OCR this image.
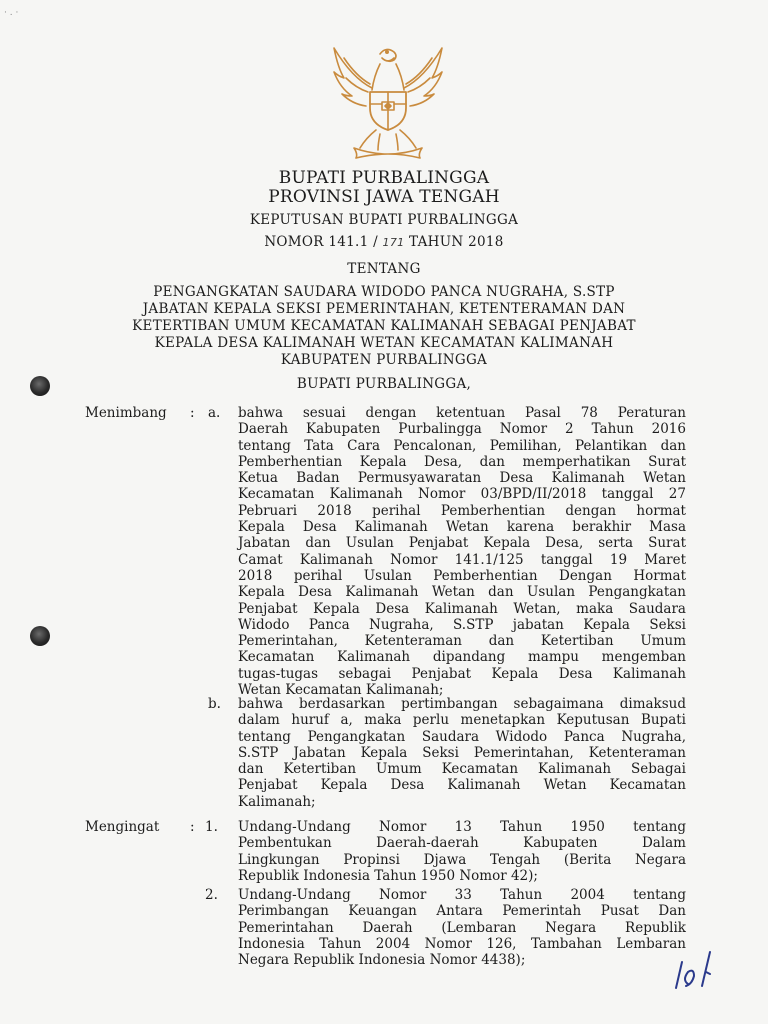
· . ·
BUPATI PURBALINGGA
PROVINSI JAWA TENGAH
KEPUTUSAN BUPATI PURBALINGGA
NOMOR 141.1 / 171 TAHUN 2018
TENTANG
PENGANGKATAN SAUDARA WIDODO PANCA NUGRAHA, S.STP
JABATAN KEPALA SEKSI PEMERINTAHAN, KETENTERAMAN DAN
KETERTIBAN UMUM KECAMATAN KALIMANAH SEBAGAI PENJABAT
KEPALA DESA KALIMANAH WETAN KECAMATAN KALIMANAH
KABUPATEN PURBALINGGA
BUPATI PURBALINGGA,
Menimbang : a. bahwa sesuai dengan ketentuan Pasal 78 Peraturan
Daerah Kabupaten Purbalingga Nomor 2 Tahun 2016
tentang Tata Cara Pencalonan, Pemilihan, Pelantikan dan
Pemberhentian Kepala Desa, dan memperhatikan Surat
Ketua Badan Permusyawaratan Desa Kalimanah Wetan
Kecamatan Kalimanah Nomor 03/BPD/II/2018 tanggal 27
Pebruari 2018 perihal Pemberhentian dengan hormat
Kepala Desa Kalimanah Wetan karena berakhir Masa
Jabatan dan Usulan Penjabat Kepala Desa, serta Surat
Camat Kalimanah Nomor 141.1/125 tanggal 19 Maret
2018 perihal Usulan Pemberhentian Dengan Hormat
Kepala Desa Kalimanah Wetan dan Usulan Pengangkatan
Penjabat Kepala Desa Kalimanah Wetan, maka Saudara
Widodo Panca Nugraha, S.STP jabatan Kepala Seksi
Pemerintahan, Ketenteraman dan Ketertiban Umum
Kecamatan Kalimanah dipandang mampu mengemban
tugas-tugas sebagai Penjabat Kepala Desa Kalimanah
Wetan Kecamatan Kalimanah;
b. bahwa berdasarkan pertimbangan sebagaimana dimaksud
dalam huruf a, maka perlu menetapkan Keputusan Bupati
tentang Pengangkatan Saudara Widodo Panca Nugraha,
S.STP Jabatan Kepala Seksi Pemerintahan, Ketenteraman
dan Ketertiban Umum Kecamatan Kalimanah Sebagai
Penjabat Kepala Desa Kalimanah Wetan Kecamatan
Kalimanah;
Mengingat : 1. Undang-Undang Nomor 13 Tahun 1950 tentang
Pembentukan Daerah-daerah Kabupaten Dalam
Lingkungan Propinsi Djawa Tengah (Berita Negara
Republik Indonesia Tahun 1950 Nomor 42);
2. Undang-Undang Nomor 33 Tahun 2004 tentang
Perimbangan Keuangan Antara Pemerintah Pusat Dan
Pemerintahan Daerah (Lembaran Negara Republik
Indonesia Tahun 2004 Nomor 126, Tambahan Lembaran
Negara Republik Indonesia Nomor 4438);
